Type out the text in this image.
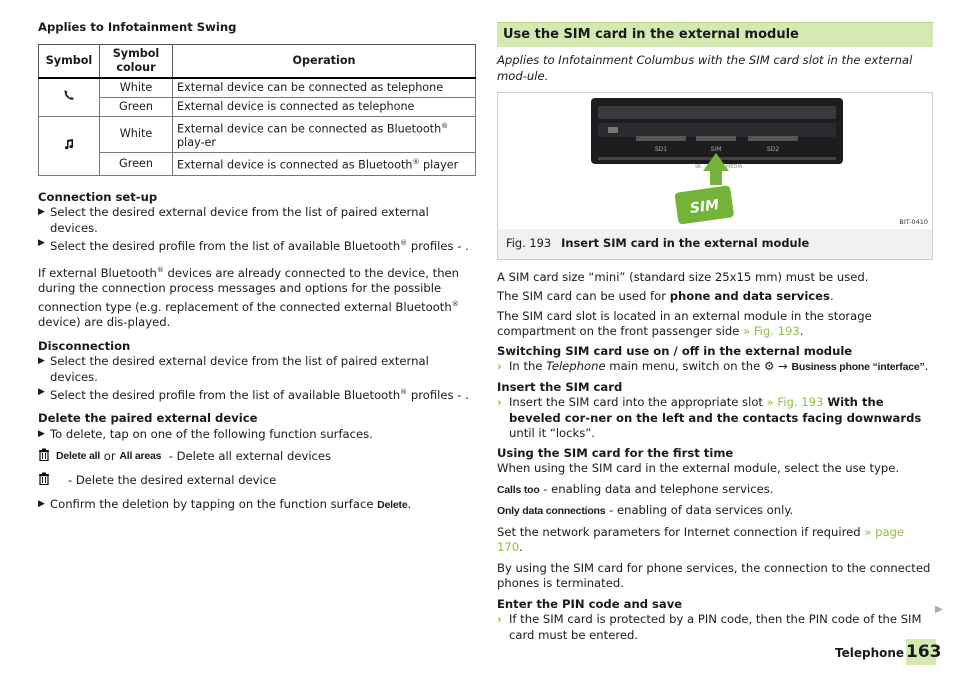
Applies to Infotainment Swing
Symbol	Symbol colour	Operation
	White	External device can be connected as telephone
	Green	External device is connected as telephone
	White	External device can be connected as Bluetooth® play-er
	Green	External device is connected as Bluetooth® player
Connection set-up
▶ Select the desired external device from the list of paired external devices.
▶ Select the desired profile from the list of available Bluetooth® profiles - .
If external Bluetooth® devices are already connected to the device, then during the connection process messages and options for the possible connection type (e.g. replacement of the connected external Bluetooth® device) are dis-played.
Disconnection
▶ Select the desired external device from the list of paired external devices.
▶ Select the desired profile from the list of available Bluetooth® profiles - .
Delete the paired external device
▶ To delete, tap on one of the following function surfaces.
Delete all or All areas - Delete all external devices
- Delete the desired external device
▶ Confirm the deletion by tapping on the function surface Delete.
Use the SIM card in the external module
Applies to Infotainment Columbus with the SIM card slot in the external mod-ule.
SD1	SIM	SD2
SK	MEDIA
SIM
BIT-0410
Fig. 193 Insert SIM card in the external module
A SIM card size “mini” (standard size 25x15 mm) must be used.
The SIM card can be used for phone and data services.
The SIM card slot is located in an external module in the storage compartment on the front passenger side » Fig. 193.
Switching SIM card use on / off in the external module
› In the Telephone main menu, switch on the ⚙ → Business phone “interface”.
Insert the SIM card
› Insert the SIM card into the appropriate slot » Fig. 193 With the beveled cor-ner on the left and the contacts facing downwards until it “locks”.
Using the SIM card for the first time
When using the SIM card in the external module, select the use type.
Calls too - enabling data and telephone services.
Only data connections - enabling of data services only.
Set the network parameters for Internet connection if required » page 170.
By using the SIM card for phone services, the connection to the connected phones is terminated.
Enter the PIN code and save
› If the SIM card is protected by a PIN code, then the PIN code of the SIM card must be entered.
▶
Telephone 163
